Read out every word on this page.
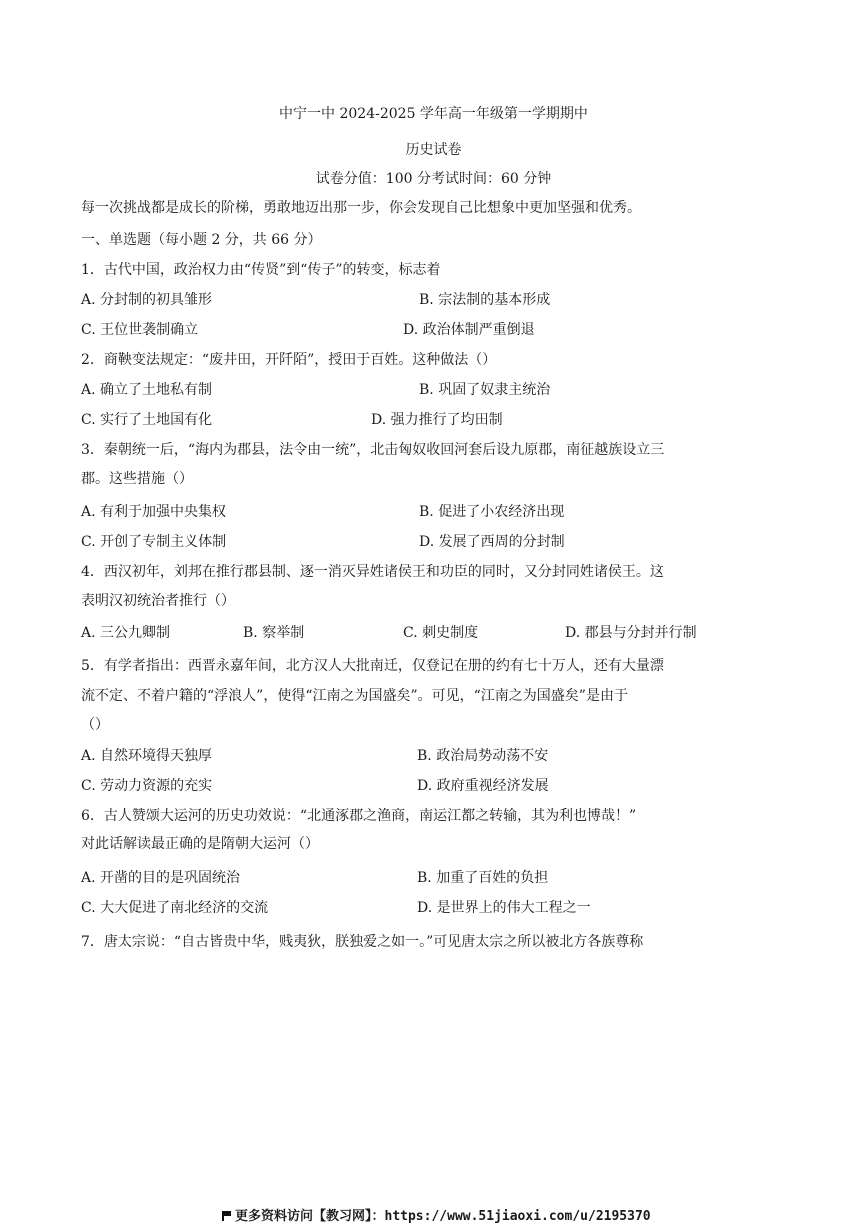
中宁一中 2024-2025 学年高一年级第一学期期中
历史试卷
试卷分值：100 分考试时间：60 分钟
每一次挑战都是成长的阶梯，勇敢地迈出那一步，你会发现自己比想象中更加坚强和优秀。
一、单选题（每小题 2 分，共 66 分）
1．古代中国，政治权力由“传贤”到“传子”的转变，标志着
A. 分封制的初具雏形	B. 宗法制的基本形成
C. 王位世袭制确立	D. 政治体制严重倒退
2．商鞅变法规定：“废井田，开阡陌”，授田于百姓。这种做法（）
A. 确立了土地私有制	B. 巩固了奴隶主统治
C. 实行了土地国有化	D. 强力推行了均田制
3．秦朝统一后，“海内为郡县，法令由一统”，北击匈奴收回河套后设九原郡，南征越族设立三
郡。这些措施（）
A. 有利于加强中央集权	B. 促进了小农经济出现
C. 开创了专制主义体制	D. 发展了西周的分封制
4．西汉初年，刘邦在推行郡县制、逐一消灭异姓诸侯王和功臣的同时，又分封同姓诸侯王。这
表明汉初统治者推行（）
A. 三公九卿制	B. 察举制	C. 刺史制度	D. 郡县与分封并行制
5．有学者指出：西晋永嘉年间，北方汉人大批南迁，仅登记在册的约有七十万人，还有大量漂
流不定、不着户籍的“浮浪人”，使得“江南之为国盛矣”。可见，“江南之为国盛矣”是由于
（）
A. 自然环境得天独厚	B. 政治局势动荡不安
C. 劳动力资源的充实	D. 政府重视经济发展
6．古人赞颂大运河的历史功效说：“北通涿郡之渔商，南运江都之转输，其为利也博哉！”
对此话解读最正确的是隋朝大运河（）
A. 开凿的目的是巩固统治	B. 加重了百姓的负担
C. 大大促进了南北经济的交流	D. 是世界上的伟大工程之一
7．唐太宗说：“自古皆贵中华，贱夷狄，朕独爱之如一。”可见唐太宗之所以被北方各族尊称
更多资料访问【教习网】：https://www.51jiaoxi.com/u/2195370
